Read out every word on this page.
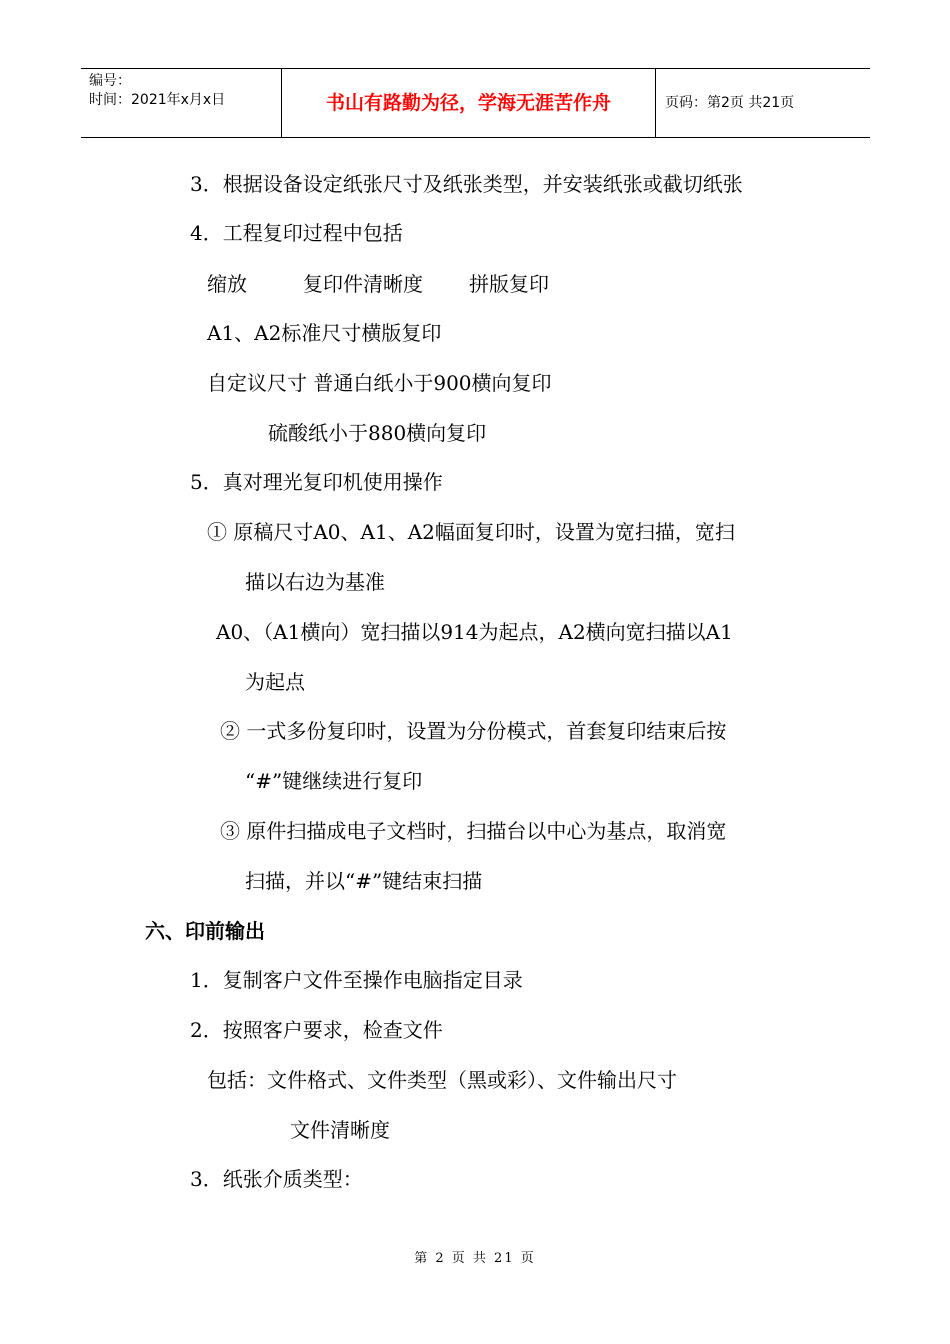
编号：
时间：2021年x月x日	书山有路勤为径，学海无涯苦作舟	页码：第2页 共21页
3．根据设备设定纸张尺寸及纸张类型，并安装纸张或截切纸张
4．工程复印过程中包括
缩放	复印件清晰度 拼版复印
A1、A2标准尺寸横版复印
自定议尺寸 普通白纸小于900横向复印
硫酸纸小于880横向复印
5．真对理光复印机使用操作
① 原稿尺寸A0、A1、A2幅面复印时，设置为宽扫描，宽扫
描以右边为基准
A0、（A1横向）宽扫描以914为起点，A2横向宽扫描以A1
为起点
② 一式多份复印时，设置为分份模式，首套复印结束后按
“#”键继续进行复印
③ 原件扫描成电子文档时，扫描台以中心为基点，取消宽
扫描，并以“#”键结束扫描
六、印前输出
1．复制客户文件至操作电脑指定目录
2．按照客户要求，检查文件
包括：文件格式、文件类型（黑或彩）、文件输出尺寸
文件清晰度
3．纸张介质类型：
第 2 页 共 21 页
